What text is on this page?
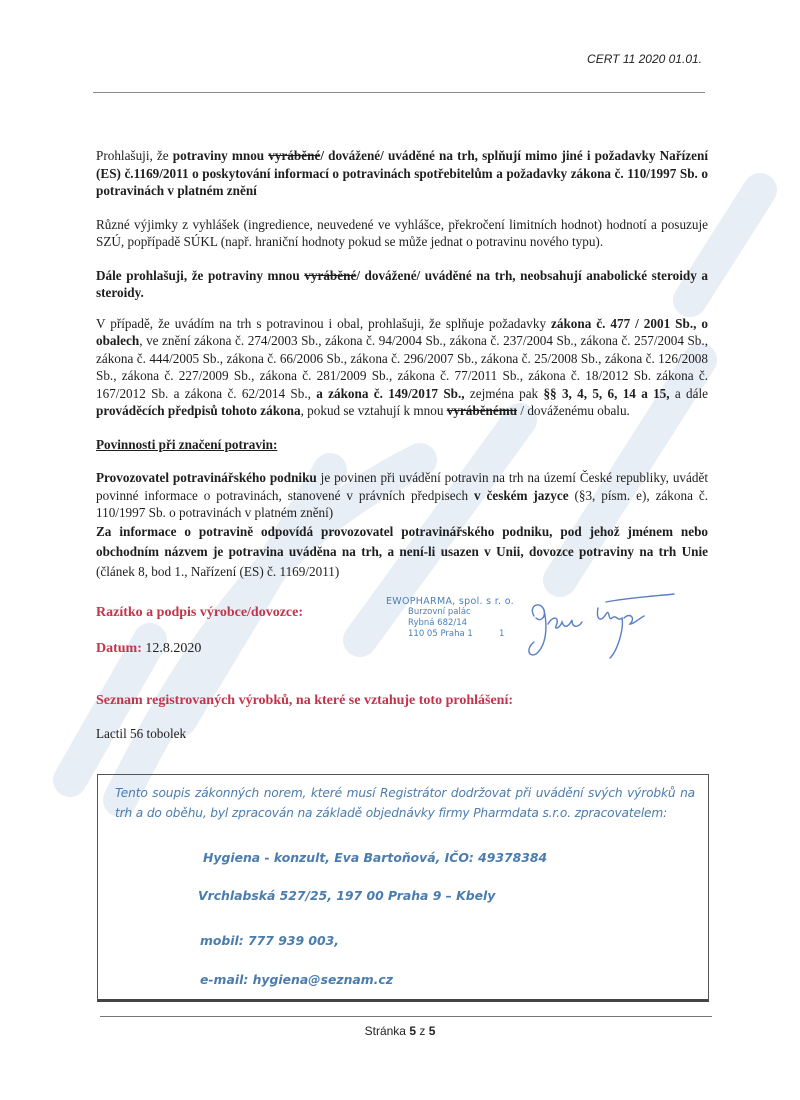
CERT 11 2020 01.01.

Prohlašuji, že potraviny mnou vyráběné/ dovážené/ uváděné na trh, splňují mimo jiné i požadavky Nařízení (ES) č.1169/2011 o poskytování informací o potravinách spotřebitelům a požadavky zákona č. 110/1997 Sb. o potravinách v platném znění

Různé výjimky z vyhlášek (ingredience, neuvedené ve vyhlášce, překročení limitních hodnot) hodnotí a posuzuje SZÚ, popřípadě SÚKL (např. hraniční hodnoty pokud se může jednat o potravinu nového typu).

Dále prohlašuji, že potraviny mnou vyráběné/ dovážené/ uváděné na trh, neobsahují anabolické steroidy a steroidy.

V případě, že uvádím na trh s potravinou i obal, prohlašuji, že splňuje požadavky zákona č. 477 / 2001 Sb., o obalech, ve znění zákona č. 274/2003 Sb., zákona č. 94/2004 Sb., zákona č. 237/2004 Sb., zákona č. 257/2004 Sb., zákona č. 444/2005 Sb., zákona č. 66/2006 Sb., zákona č. 296/2007 Sb., zákona č. 25/2008 Sb., zákona č. 126/2008 Sb., zákona č. 227/2009 Sb., zákona č. 281/2009 Sb., zákona č. 77/2011 Sb., zákona č. 18/2012 Sb. zákona č. 167/2012 Sb. a zákona č. 62/2014 Sb., a zákona č. 149/2017 Sb., zejména pak §§ 3, 4, 5, 6, 14 a 15, a dále prováděcích předpisů tohoto zákona, pokud se vztahují k mnou vyráběnému / dováženému obalu.

Povinnosti při značení potravin:

Provozovatel potravinářského podniku je povinen při uvádění potravin na trh na území České republiky, uvádět povinné informace o potravinách, stanovené v právních předpisech v českém jazyce (§3, písm. e), zákona č. 110/1997 Sb. o potravinách v platném znění)

Za informace o potravině odpovídá provozovatel potravinářského podniku, pod jehož jménem nebo obchodním názvem je potravina uváděna na trh, a není-li usazen v Unii, dovozce potraviny na trh Unie (článek 8, bod 1., Nařízení (ES) č. 1169/2011)

Razítko a podpis výrobce/dovozce:
Datum: 12.8.2020
EWOPHARMA, spol. s r. o.
Burzovní palác
Rybná 682/14
110 05 Praha 1	1
Seznam registrovaných výrobků, na které se vztahuje toto prohlášení:
Lactil 56 tobolek
Tento soupis zákonných norem, které musí Registrátor dodržovat při uvádění svých výrobků na trh a do oběhu, byl zpracován na základě objednávky firmy Pharmdata s.r.o. zpracovatelem:
Hygiena - konzult, Eva Bartoňová, IČO: 49378384
Vrchlabská 527/25, 197 00 Praha 9 – Kbely
mobil: 777 939 003,
e-mail: hygiena@seznam.cz
Stránka 5 z 5
